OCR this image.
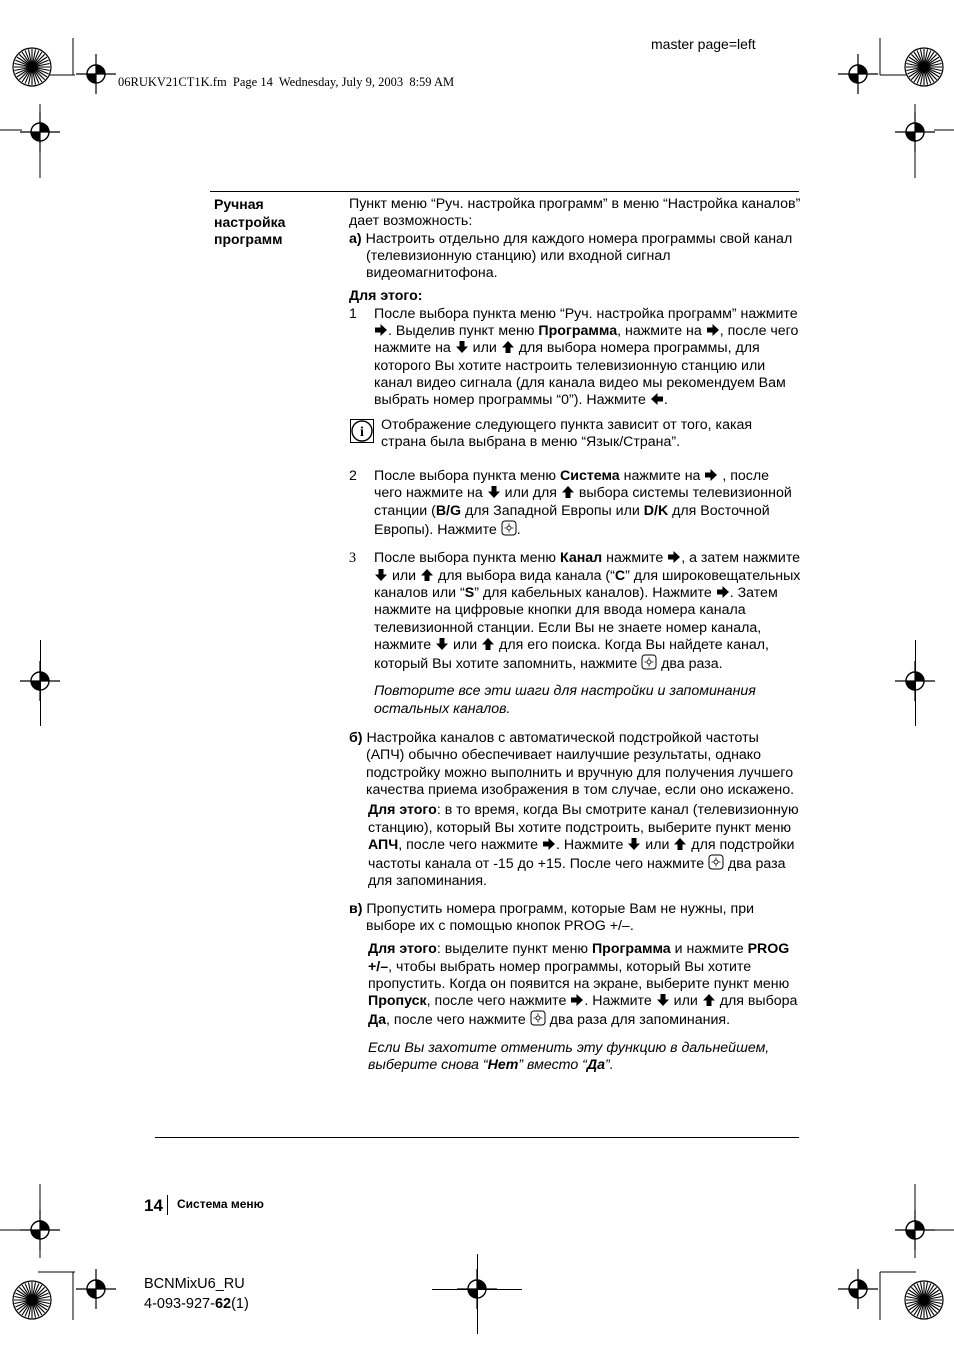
master page=left
06RUKV21CT1K.fm  Page 14  Wednesday, July 9, 2003  8:59 AM
Ручная настройка программ

Пункт меню “Руч. настройка программ” в меню “Настройка каналов” дает возможность:

а) Настроить отдельно для каждого номера программы свой канал (телевизионную станцию) или входной сигнал видеомагнитофона.

Для этого:

1 После выбора пункта меню “Руч. настройка программ” нажмите . Выделив пункт меню Программа, нажмите на , после чего нажмите на  или  для выбора номера программы, для которого Вы хотите настроить телевизионную станцию или канал видео сигнала (для канала видео мы рекомендуем Вам выбрать номер программы “0”). Нажмите .
i Отображение следующего пункта зависит от того, какая страна была выбрана в меню “Язык/Страна”.
2 После выбора пункта меню Система нажмите на  , после чего нажмите на  или для  выбора системы телевизионной станции (B/G для Западной Европы или D/K для Восточной Европы). Нажмите .
3 После выбора пункта меню Канал нажмите , а затем нажмите  или  для выбора вида канала (“C” для широковещательных каналов или “S” для кабельных каналов). Нажмите . Затем нажмите на цифровые кнопки для ввода номера канала телевизионной станции. Если Вы не знаете номер канала, нажмите  или  для его поиска. Когда Вы найдете канал, который Вы хотите запомнить, нажмите  два раза.

Повторите все эти шаги для настройки и запоминания остальных каналов.

б) Настройка каналов с автоматической подстройкой частоты (АПЧ) обычно обеспечивает наилучшие результаты, однако подстройку можно выполнить и вручную для получения лучшего качества приема изображения в том случае, если оно искажено.

Для этого: в то время, когда Вы смотрите канал (телевизионную станцию), который Вы хотите подстроить, выберите пункт меню АПЧ, после чего нажмите . Нажмите  или  для подстройки частоты канала от -15 до +15. После чего нажмите  два раза для запоминания.

в) Пропустить номера программ, которые Вам не нужны, при выборе их с помощью кнопок PROG +/–.

Для этого: выделите пункт меню Программа и нажмите PROG +/–, чтобы выбрать номер программы, который Вы хотите пропустить. Когда он появится на экране, выберите пункт меню Пропуск, после чего нажмите . Нажмите  или  для выбора Да, после чего нажмите  два раза для запоминания.

Если Вы захотите отменить эту функцию в дальнейшем, выберите снова “Нет” вместо “Да”.

14 Система меню
BCNMixU6_RU
4-093-927-62(1)
